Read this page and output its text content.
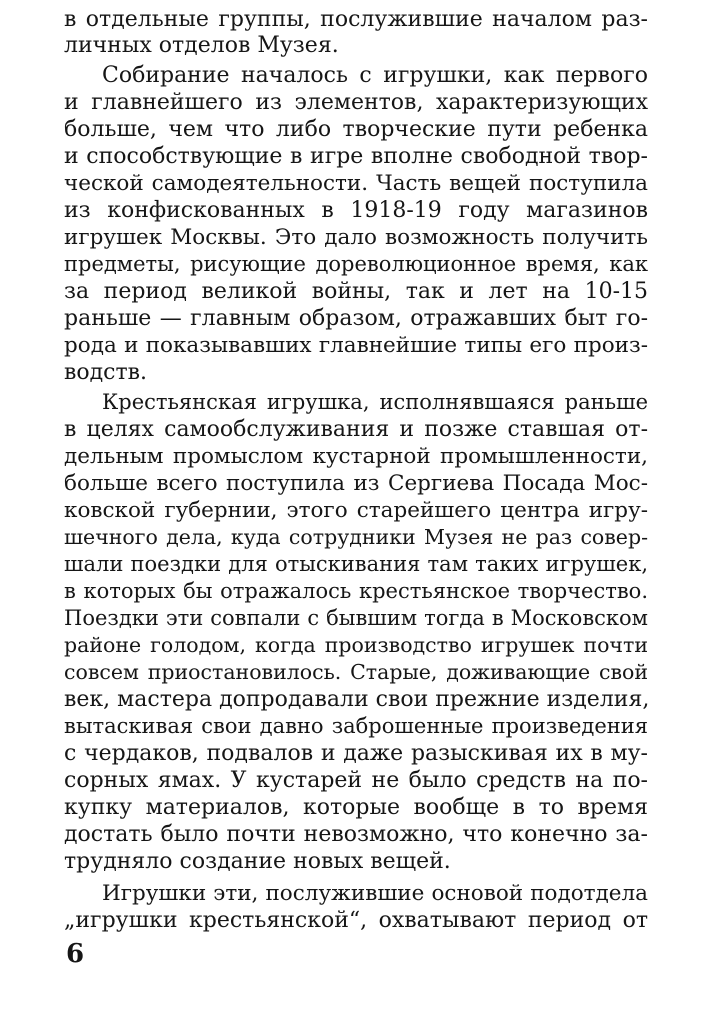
в отдельные группы, послужившие началом раз-

личных отделов Музея.

Собирание началось с игрушки, как первого

и главнейшего из элементов, характеризующих

больше, чем что либо творческие пути ребенка

и способствующие в игре вполне свободной твор-

ческой самодеятельности. Часть вещей поступила

из конфискованных в 1918-19 году магазинов

игрушек Москвы. Это дало возможность получить

предметы, рисующие дореволюционное время, как

за период великой войны, так и лет на 10-15

раньше — главным образом, отражавших быт го-

рода и показывавших главнейшие типы его произ-

водств.

Крестьянская игрушка, исполнявшаяся раньше

в целях самообслуживания и позже ставшая от-

дельным промыслом кустарной промышленности,

больше всего поступила из Сергиева Посада Мос-

ковской губернии, этого старейшего центра игру-

шечного дела, куда сотрудники Музея не раз совер-

шали поездки для отыскивания там таких игрушек,

в которых бы отражалось крестьянское творчество.

Поездки эти совпали с бывшим тогда в Московском

районе голодом, когда производство игрушек почти

совсем приостановилось. Старые, доживающие свой

век, мастера допродавали свои прежние изделия,

вытаскивая свои давно заброшенные произведения

с чердаков, подвалов и даже разыскивая их в му-

сорных ямах. У кустарей не было средств на по-

купку материалов, которые вообще в то время

достать было почти невозможно, что конечно за-

трудняло создание новых вещей.

Игрушки эти, послужившие основой подотдела

„игрушки крестьянской“, охватывают период от

6
